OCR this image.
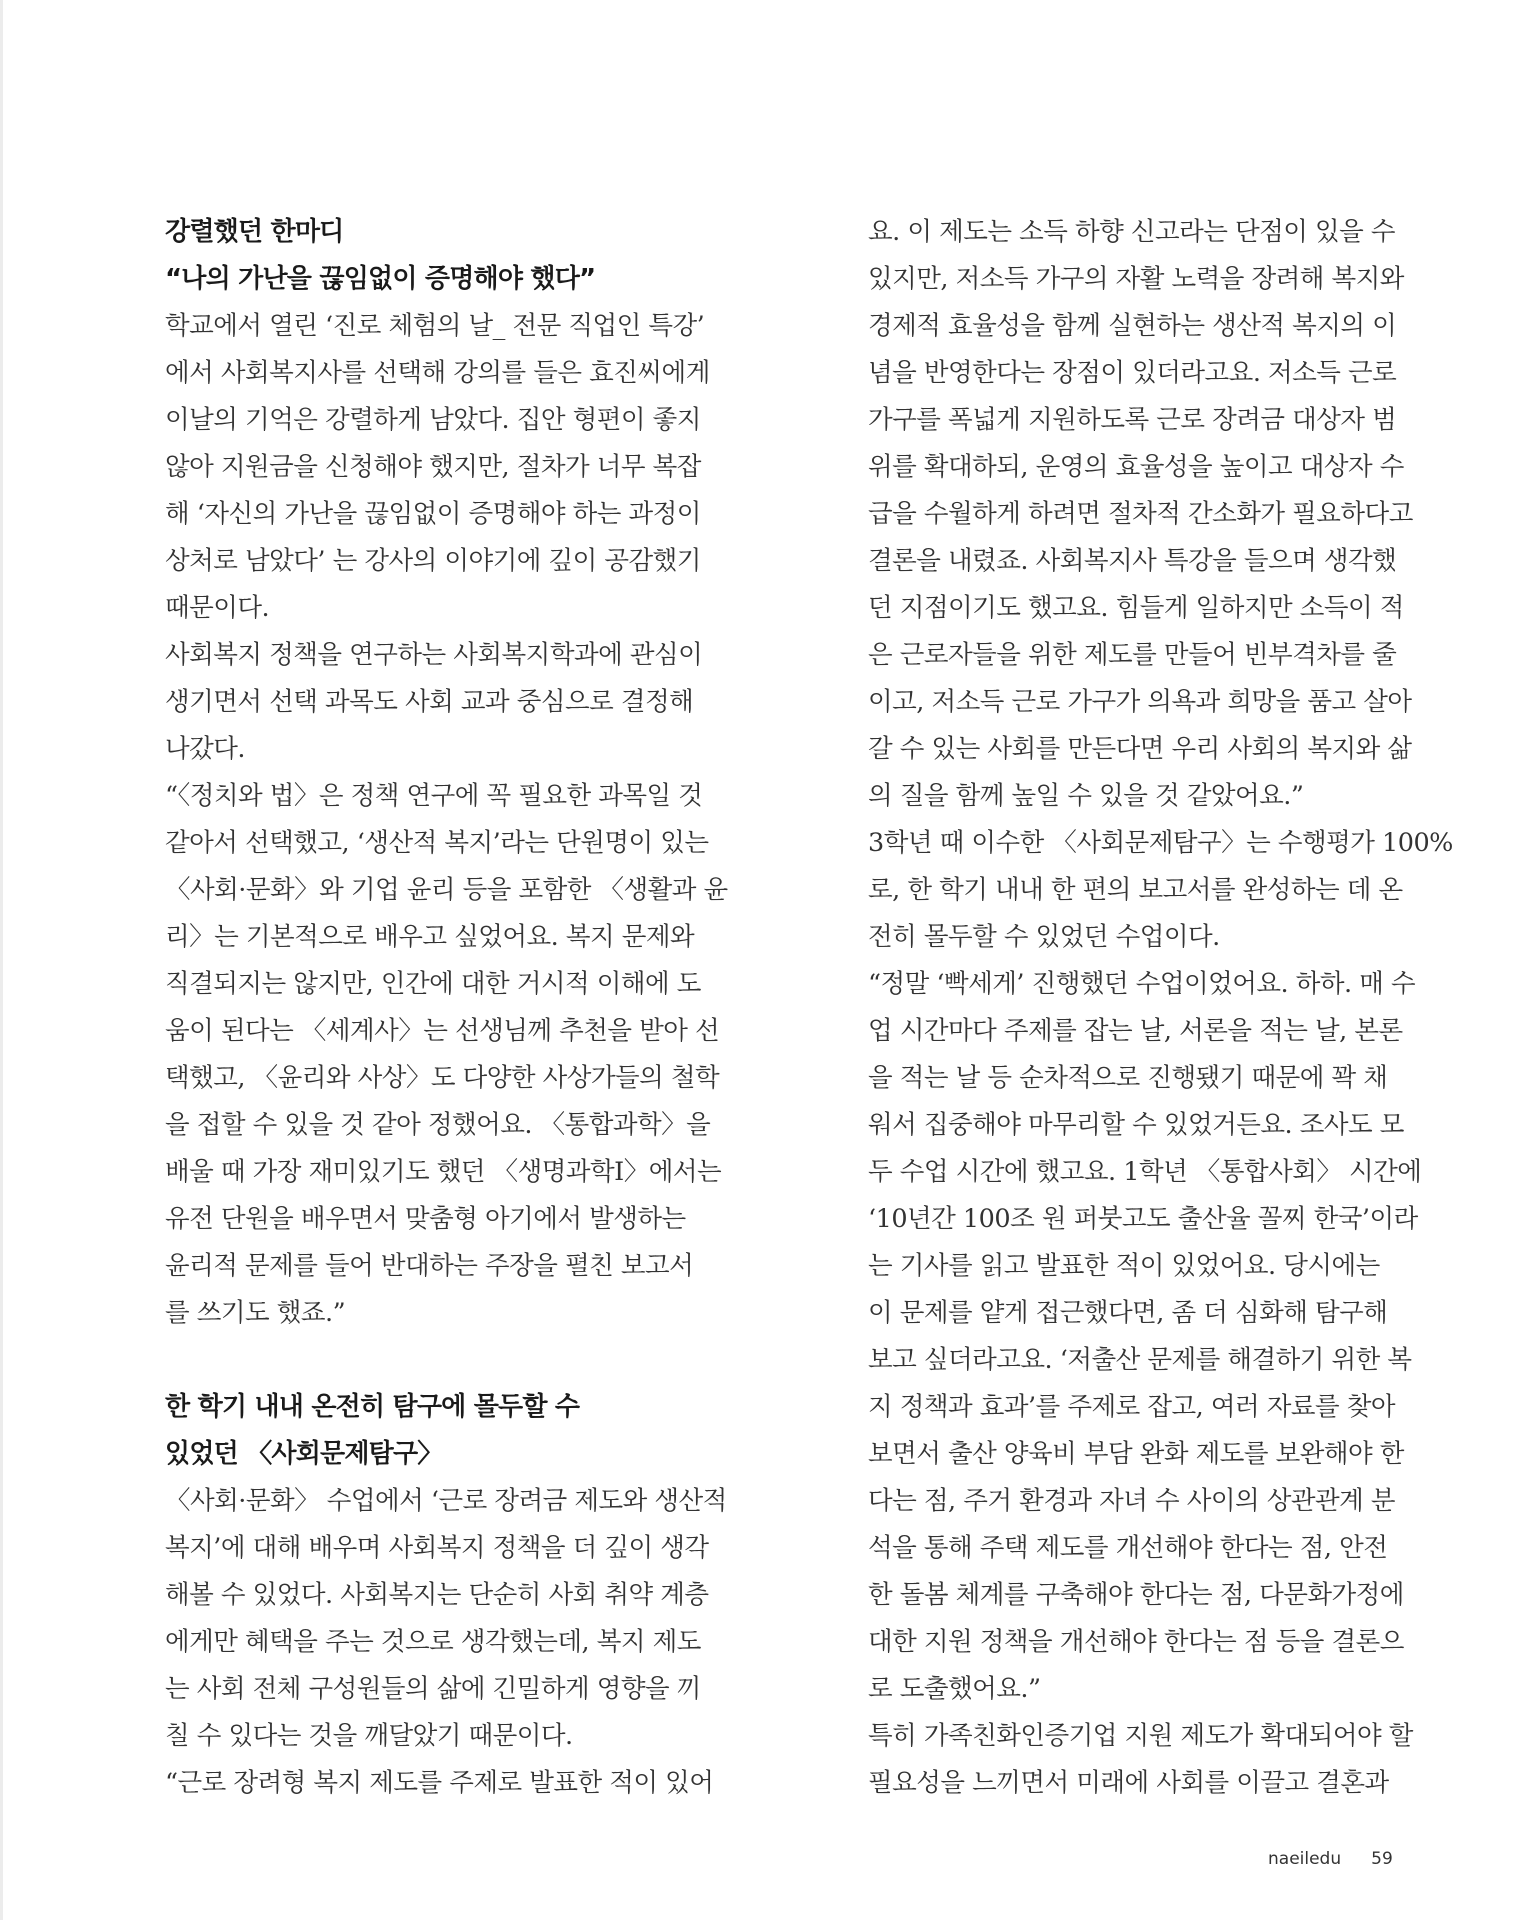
강렬했던 한마디
“나의 가난을 끊임없이 증명해야 했다”
학교에서 열린 ‘진로 체험의 날_ 전문 직업인 특강’
에서 사회복지사를 선택해 강의를 들은 효진씨에게
이날의 기억은 강렬하게 남았다. 집안 형편이 좋지
않아 지원금을 신청해야 했지만, 절차가 너무 복잡
해 ‘자신의 가난을 끊임없이 증명해야 하는 과정이
상처로 남았다’ 는 강사의 이야기에 깊이 공감했기
때문이다.
사회복지 정책을 연구하는 사회복지학과에 관심이
생기면서 선택 과목도 사회 교과 중심으로 결정해
나갔다.
“〈정치와 법〉은 정책 연구에 꼭 필요한 과목일 것
같아서 선택했고, ‘생산적 복지’라는 단원명이 있는
〈사회·문화〉와 기업 윤리 등을 포함한 〈생활과 윤
리〉는 기본적으로 배우고 싶었어요. 복지 문제와
직결되지는 않지만, 인간에 대한 거시적 이해에 도
움이 된다는 〈세계사〉는 선생님께 추천을 받아 선
택했고, 〈윤리와 사상〉도 다양한 사상가들의 철학
을 접할 수 있을 것 같아 정했어요. 〈통합과학〉을
배울 때 가장 재미있기도 했던 〈생명과학Ⅰ〉에서는
유전 단원을 배우면서 맞춤형 아기에서 발생하는
윤리적 문제를 들어 반대하는 주장을 펼친 보고서
를 쓰기도 했죠.”
한 학기 내내 온전히 탐구에 몰두할 수
있었던 〈사회문제탐구〉
〈사회·문화〉 수업에서 ‘근로 장려금 제도와 생산적
복지’에 대해 배우며 사회복지 정책을 더 깊이 생각
해볼 수 있었다. 사회복지는 단순히 사회 취약 계층
에게만 혜택을 주는 것으로 생각했는데, 복지 제도
는 사회 전체 구성원들의 삶에 긴밀하게 영향을 끼
칠 수 있다는 것을 깨달았기 때문이다.
“근로 장려형 복지 제도를 주제로 발표한 적이 있어
요. 이 제도는 소득 하향 신고라는 단점이 있을 수
있지만, 저소득 가구의 자활 노력을 장려해 복지와
경제적 효율성을 함께 실현하는 생산적 복지의 이
념을 반영한다는 장점이 있더라고요. 저소득 근로
가구를 폭넓게 지원하도록 근로 장려금 대상자 범
위를 확대하되, 운영의 효율성을 높이고 대상자 수
급을 수월하게 하려면 절차적 간소화가 필요하다고
결론을 내렸죠. 사회복지사 특강을 들으며 생각했
던 지점이기도 했고요. 힘들게 일하지만 소득이 적
은 근로자들을 위한 제도를 만들어 빈부격차를 줄
이고, 저소득 근로 가구가 의욕과 희망을 품고 살아
갈 수 있는 사회를 만든다면 우리 사회의 복지와 삶
의 질을 함께 높일 수 있을 것 같았어요.”
3학년 때 이수한 〈사회문제탐구〉는 수행평가 100%
로, 한 학기 내내 한 편의 보고서를 완성하는 데 온
전히 몰두할 수 있었던 수업이다.
“정말 ‘빡세게’ 진행했던 수업이었어요. 하하. 매 수
업 시간마다 주제를 잡는 날, 서론을 적는 날, 본론
을 적는 날 등 순차적으로 진행됐기 때문에 꽉 채
워서 집중해야 마무리할 수 있었거든요. 조사도 모
두 수업 시간에 했고요. 1학년 〈통합사회〉 시간에
‘10년간 100조 원 퍼붓고도 출산율 꼴찌 한국’이라
는 기사를 읽고 발표한 적이 있었어요. 당시에는
이 문제를 얕게 접근했다면, 좀 더 심화해 탐구해
보고 싶더라고요. ‘저출산 문제를 해결하기 위한 복
지 정책과 효과’를 주제로 잡고, 여러 자료를 찾아
보면서 출산 양육비 부담 완화 제도를 보완해야 한
다는 점, 주거 환경과 자녀 수 사이의 상관관계 분
석을 통해 주택 제도를 개선해야 한다는 점, 안전
한 돌봄 체계를 구축해야 한다는 점, 다문화가정에
대한 지원 정책을 개선해야 한다는 점 등을 결론으
로 도출했어요.”
특히 가족친화인증기업 지원 제도가 확대되어야 할
필요성을 느끼면서 미래에 사회를 이끌고 결혼과
naeiledu 59
